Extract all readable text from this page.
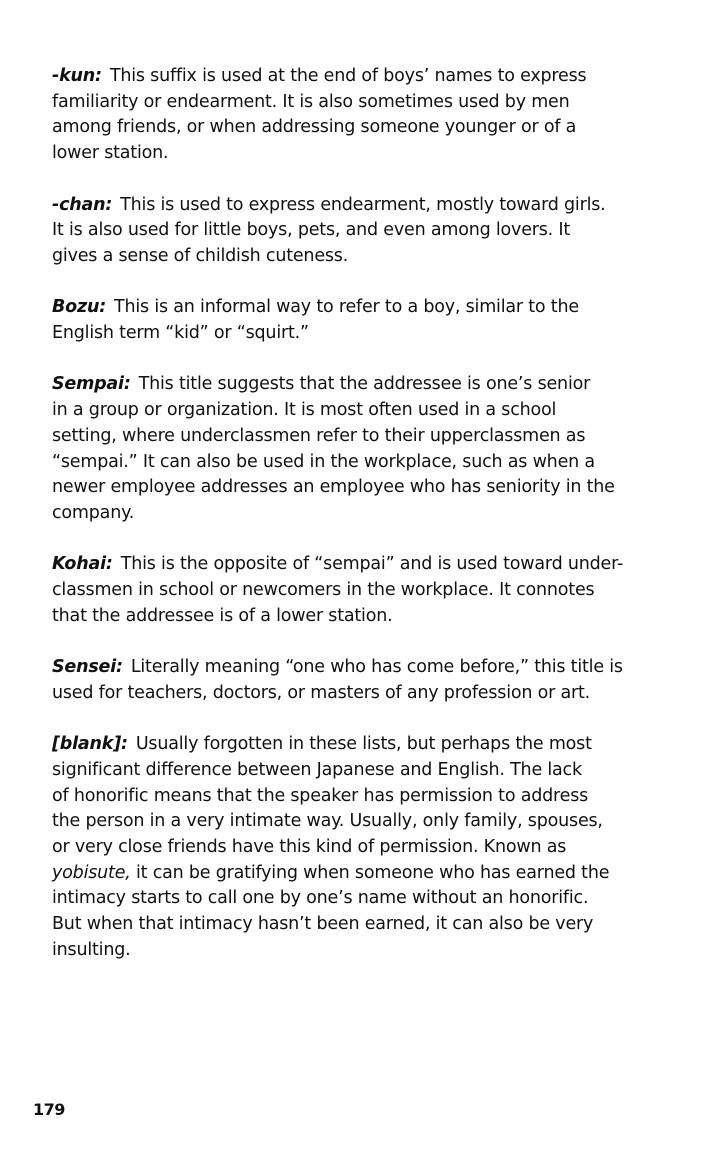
-kun: This suffix is used at the end of boys’ names to express
familiarity or endearment. It is also sometimes used by men
among friends, or when addressing someone younger or of a
lower station.
-chan: This is used to express endearment, mostly toward girls.
It is also used for little boys, pets, and even among lovers. It
gives a sense of childish cuteness.
Bozu: This is an informal way to refer to a boy, similar to the
English term “kid” or “squirt.”
Sempai: This title suggests that the addressee is one’s senior
in a group or organization. It is most often used in a school
setting, where underclassmen refer to their upperclassmen as
“sempai.” It can also be used in the workplace, such as when a
newer employee addresses an employee who has seniority in the
company.
Kohai: This is the opposite of “sempai” and is used toward under-
classmen in school or newcomers in the workplace. It connotes
that the addressee is of a lower station.
Sensei: Literally meaning “one who has come before,” this title is
used for teachers, doctors, or masters of any profession or art.
[blank]: Usually forgotten in these lists, but perhaps the most
significant difference between Japanese and English. The lack
of honorific means that the speaker has permission to address
the person in a very intimate way. Usually, only family, spouses,
or very close friends have this kind of permission. Known as
yobisute, it can be gratifying when someone who has earned the
intimacy starts to call one by one’s name without an honorific.
But when that intimacy hasn’t been earned, it can also be very
insulting.
179
